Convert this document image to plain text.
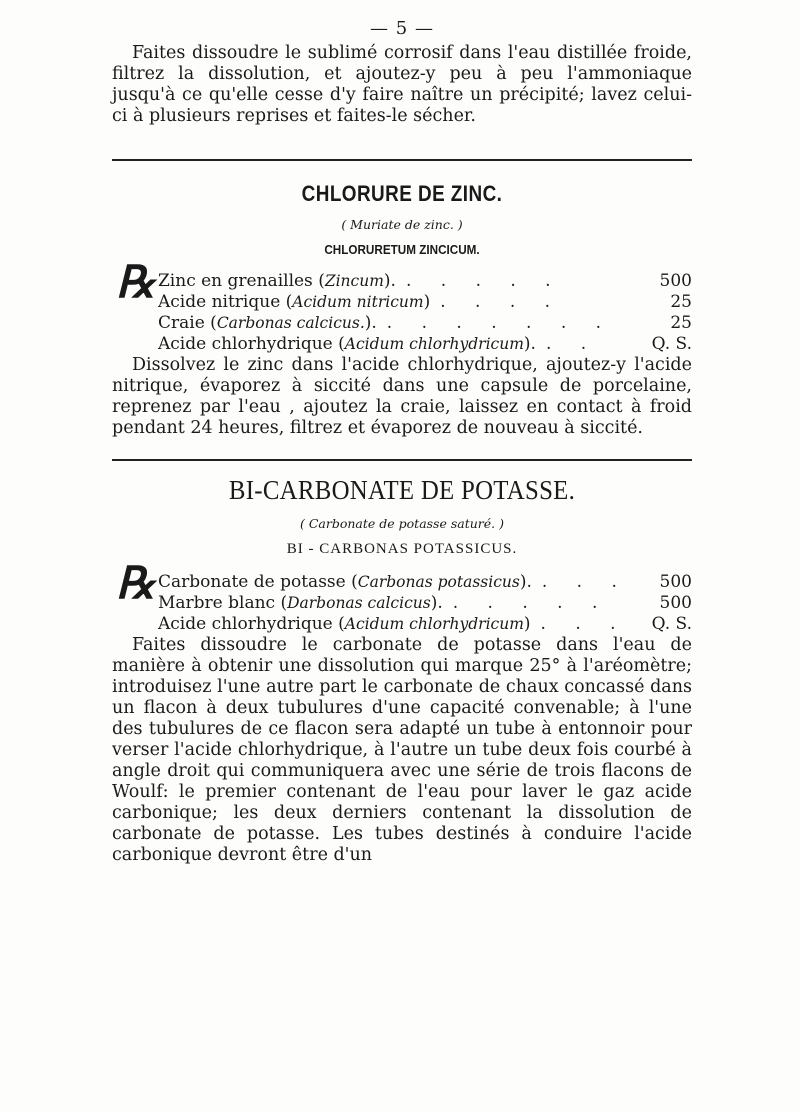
— 5 —

Faites dissoudre le sublimé corrosif dans l'eau distillée froide, filtrez la dissolution, et ajoutez-y peu à peu l'ammoniaque jusqu'à ce qu'elle cesse d'y faire naître un précipité; lavez celui-ci à plusieurs reprises et faites-le sécher.

CHLORURE DE ZINC.

( Muriate de zinc. )

CHLORURETUM ZINCICUM.

℞ Zinc en grenailles (Zincum). . . . . .	500
Acide nitrique (Acidum nitricum) . . . .	25
Craie (Carbonas calcicus.). . . . . . . .	25
Acide chlorhydrique (Acidum chlorhydricum). . .	Q. S.

Dissolvez le zinc dans l'acide chlorhydrique, ajoutez-y l'acide nitrique, évaporez à siccité dans une capsule de porcelaine, reprenez par l'eau , ajoutez la craie, laissez en contact à froid pendant 24 heures, filtrez et évaporez de nouveau à siccité.

BI-CARBONATE DE POTASSE.

( Carbonate de potasse saturé. )

BI - CARBONAS POTASSICUS.

℞ Carbonate de potasse (Carbonas potassicus). . . .	500
Marbre blanc (Darbonas calcicus). . . . . .	500
Acide chlorhydrique (Acidum chlorhydricum) . . .	Q. S.

Faites dissoudre le carbonate de potasse dans l'eau de manière à obtenir une dissolution qui marque 25° à l'aréomètre; introduisez l'une autre part le carbonate de chaux concassé dans un flacon à deux tubulures d'une capacité convenable; à l'une des tubulures de ce flacon sera adapté un tube à entonnoir pour verser l'acide chlorhydrique, à l'autre un tube deux fois courbé à angle droit qui communiquera avec une série de trois flacons de Woulf: le premier contenant de l'eau pour laver le gaz acide carbonique; les deux derniers contenant la dissolution de carbonate de potasse. Les tubes destinés à conduire l'acide carbonique devront être d'un
